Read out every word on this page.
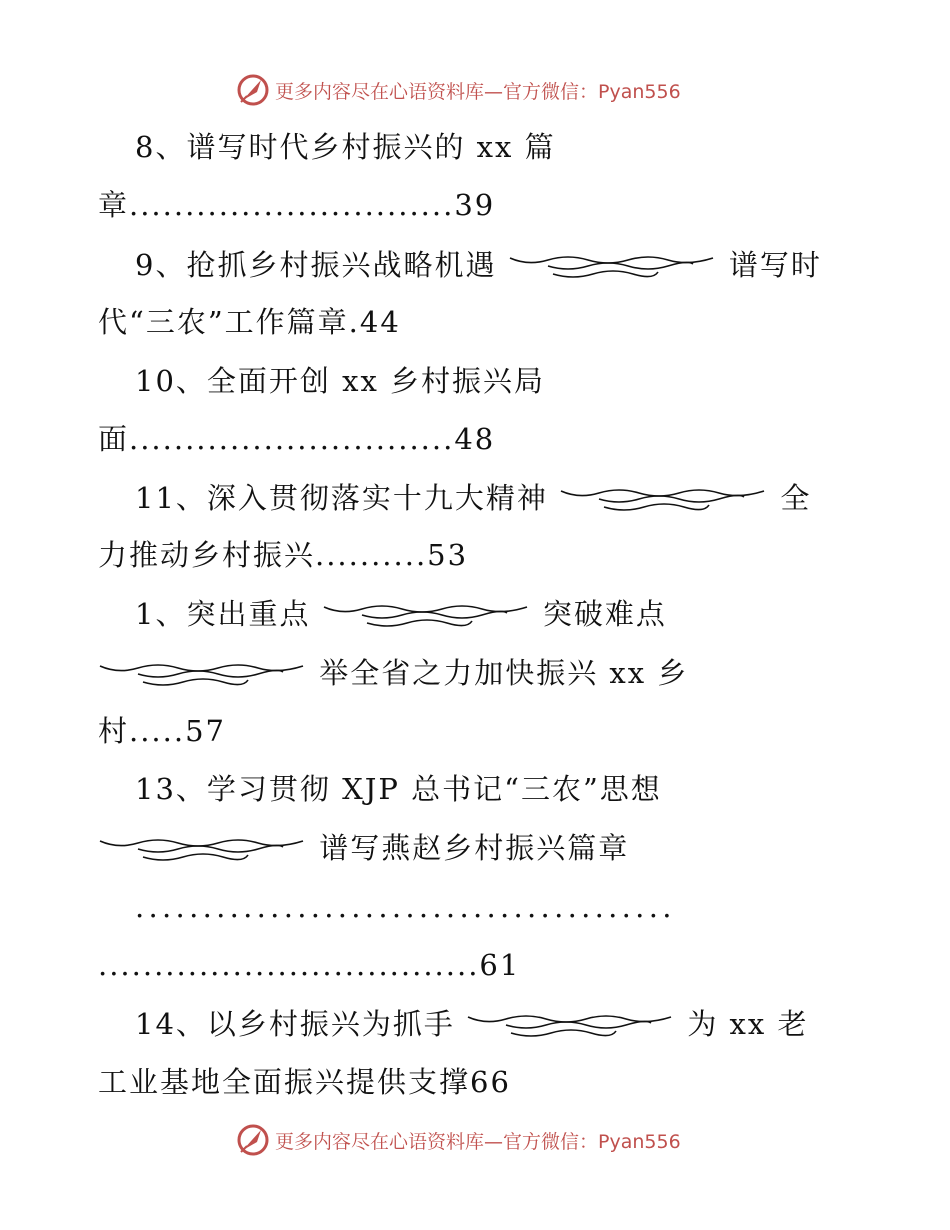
更多内容尽在心语资料库—官方微信：Pyan556
8、谱写时代乡村振兴的 xx 篇
章.............................39
9、抢抓乡村振兴战略机遇	谱写时
代“三农”工作篇章.44
10、全面开创 xx 乡村振兴局
面.............................48
11、深入贯彻落实十九大精神	全
力推动乡村振兴..........53
1、突出重点	突破难点
举全省之力加快振兴 xx 乡
村.....57
13、学习贯彻 XJP 总书记“三农”思想
谱写燕赵乡村振兴篇章
........................................
..................................61
14、以乡村振兴为抓手	为 xx 老
工业基地全面振兴提供支撑66
更多内容尽在心语资料库—官方微信：Pyan556
